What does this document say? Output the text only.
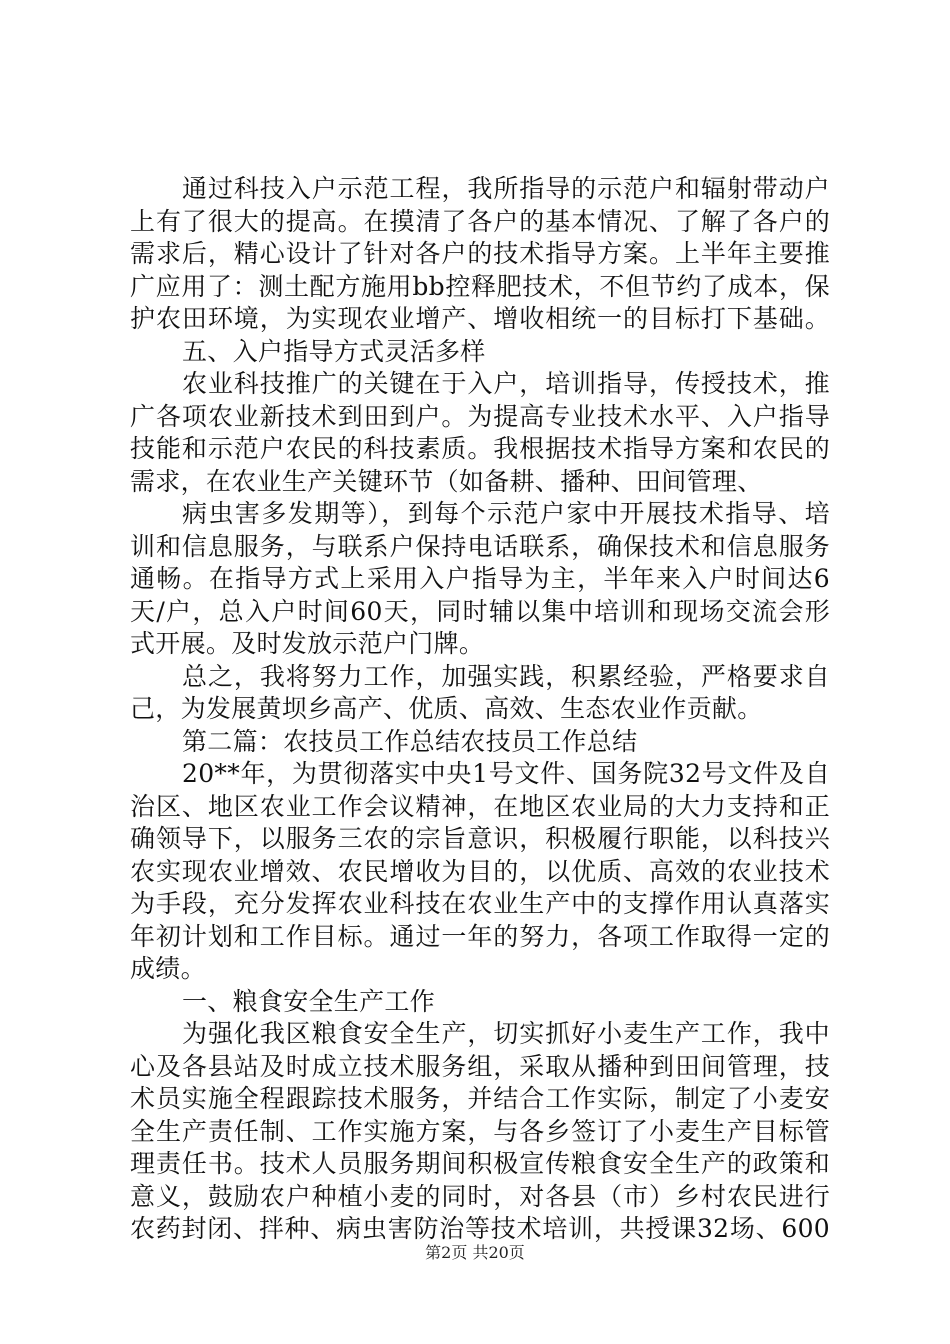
通过科技入户示范工程，我所指导的示范户和辐射带动户
上有了很大的提高。在摸清了各户的基本情况、了解了各户的
需求后，精心设计了针对各户的技术指导方案。上半年主要推
广应用了：测土配方施用bb控释肥技术，不但节约了成本，保
护农田环境，为实现农业增产、增收相统一的目标打下基础。
五、入户指导方式灵活多样
农业科技推广的关键在于入户，培训指导，传授技术，推
广各项农业新技术到田到户。为提高专业技术水平、入户指导
技能和示范户农民的科技素质。我根据技术指导方案和农民的
需求，在农业生产关键环节（如备耕、播种、田间管理、
病虫害多发期等），到每个示范户家中开展技术指导、培
训和信息服务，与联系户保持电话联系，确保技术和信息服务
通畅。在指导方式上采用入户指导为主，半年来入户时间达6
天/户，总入户时间60天，同时辅以集中培训和现场交流会形
式开展。及时发放示范户门牌。
总之，我将努力工作，加强实践，积累经验，严格要求自
己，为发展黄坝乡高产、优质、高效、生态农业作贡献。
第二篇：农技员工作总结农技员工作总结
20**年，为贯彻落实中央1号文件、国务院32号文件及自
治区、地区农业工作会议精神，在地区农业局的大力支持和正
确领导下，以服务三农的宗旨意识，积极履行职能，以科技兴
农实现农业增效、农民增收为目的，以优质、高效的农业技术
为手段，充分发挥农业科技在农业生产中的支撑作用认真落实
年初计划和工作目标。通过一年的努力，各项工作取得一定的
成绩。
一、粮食安全生产工作
为强化我区粮食安全生产，切实抓好小麦生产工作，我中
心及各县站及时成立技术服务组，采取从播种到田间管理，技
术员实施全程跟踪技术服务，并结合工作实际，制定了小麦安
全生产责任制、工作实施方案，与各乡签订了小麦生产目标管
理责任书。技术人员服务期间积极宣传粮食安全生产的政策和
意义，鼓励农户种植小麦的同时，对各县（市）乡村农民进行
农药封闭、拌种、病虫害防治等技术培训，共授课32场、600
第2页 共20页
